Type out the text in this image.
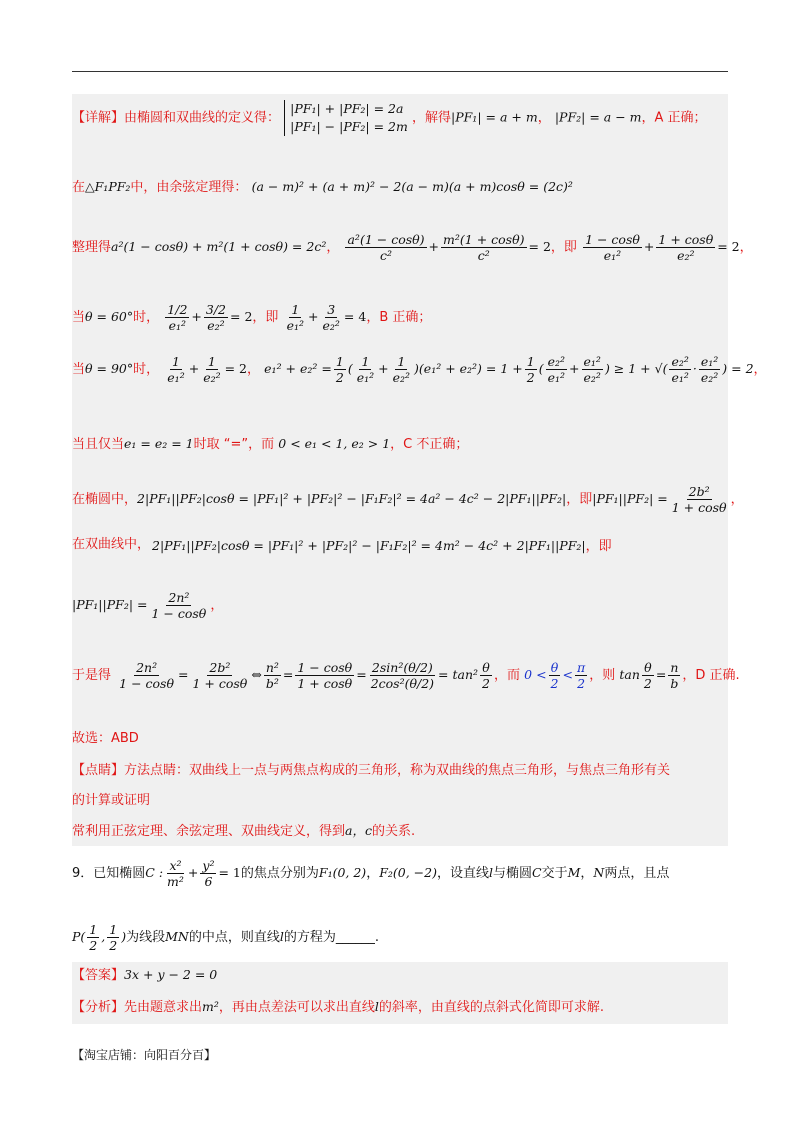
【详解】由椭圆和双曲线的定义得：
|PF₁| + |PF₂| = 2a
|PF₁| − |PF₂| = 2m
，解得|PF₁| = a + m， |PF₂| = a − m，A 正确；
在△F₁PF₂中，由余弦定理得： (a − m)² + (a + m)² − 2(a − m)(a + m)cosθ = (2c)²
整理得a²(1 − cosθ) + m²(1 + cosθ) = 2c²， $\frac{\text{a²(1 − cosθ)}}{\text{c²}} + \frac{\text{m²(1 + cosθ)}}{\text{c²}} = 2$，即 $\frac{1 - \cos\theta}{\text{e₁²}} + \frac{1 + \cos\theta}{\text{e₂²}} = 2$，
当θ = 60°时， $\frac{1/2}{\text{e₁²}} + \frac{3/2}{\text{e₂²}} = 2$，即 $\frac{1}{\text{e₁²}} + \frac{3}{\text{e₂²}} = 4$，B 正确；
当θ = 90°时， $\frac{1}{\text{e₁²}} + \frac{1}{\text{e₂²}} = 2$， $e_1^2 + e_2^2 = \frac{1}{2}$ ( $\frac{1}{\text{e₁²}} + \frac{1}{\text{e₂²}} )(e_1^2 + e_2^2) = 1 + \frac{1}{2}$ ( $\frac{\text{e₂²}}{\text{e₁²}} + \frac{\text{e₁²}}{\text{e₂²}}$ ) ≥ 1 + √( $\frac{\text{e₂²}}{\text{e₁²}} \cdot \frac{\text{e₁²}}{\text{e₂²}}$ ) = 2，
当且仅当e₁ = e₂ = 1时取 “=”，而 0 < e₁ < 1, e₂ > 1，C 不正确；
在椭圆中，2|PF₁||PF₂|cosθ = |PF₁|² + |PF₂|² − |F₁F₂|² = 4a² − 4c² − 2|PF₁||PF₂|，即$|PF_1||PF_2| = \frac{\text{2b²}}{1 + \cos\theta}$ ，
2|PF₁||PF₂|cosθ = |PF₁|² + |PF₂|² − |F₁F₂|² = 4m² − 4c² + 2|PF₁||PF₂|，即
在双曲线中，
$|PF_1||PF_2| = \frac{\text{2n²}}{1 - \cos\theta}$ ，
于是得 $\frac{\text{2n²}}{1 - \cos\theta} = \frac{\text{2b²}}{1 + \cos\theta}$ ⇔ $\frac{\text{n²}}{\text{b²}} = \frac{1 - \cos\theta}{1 + \cos\theta} = \frac{\text{2sin²(θ/2)}}{\text{2cos²(θ/2)}} = \tan^2 \frac{\theta}{2}$ ，而 $0 < \frac{\theta}{2} < \frac{\pi}{2}$ ，则 $\tan \frac{\theta}{2} = \frac{n}{b}$ ，D 正确.
故选：ABD
【点睛】方法点睛：双曲线上一点与两焦点构成的三角形，称为双曲线的焦点三角形，与焦点三角形有关
的计算或证明
常利用正弦定理、余弦定理、双曲线定义，得到a，c的关系.
9．已知椭圆C : $\frac{\text{x²}}{\text{m²}} + \frac{\text{y²}}{6} = 1$的焦点分别为F₁(0, 2)，F₂(0, −2)，设直线l与椭圆C交于M，N两点，且点
$P( \frac{1}{2}$ , $\frac{1}{2}$ )为线段MN的中点，则直线l的方程为______.
【答案】3x + y − 2 = 0
【分析】先由题意求出m²，再由点差法可以求出直线l的斜率，由直线的点斜式化简即可求解.
【淘宝店铺：向阳百分百】
